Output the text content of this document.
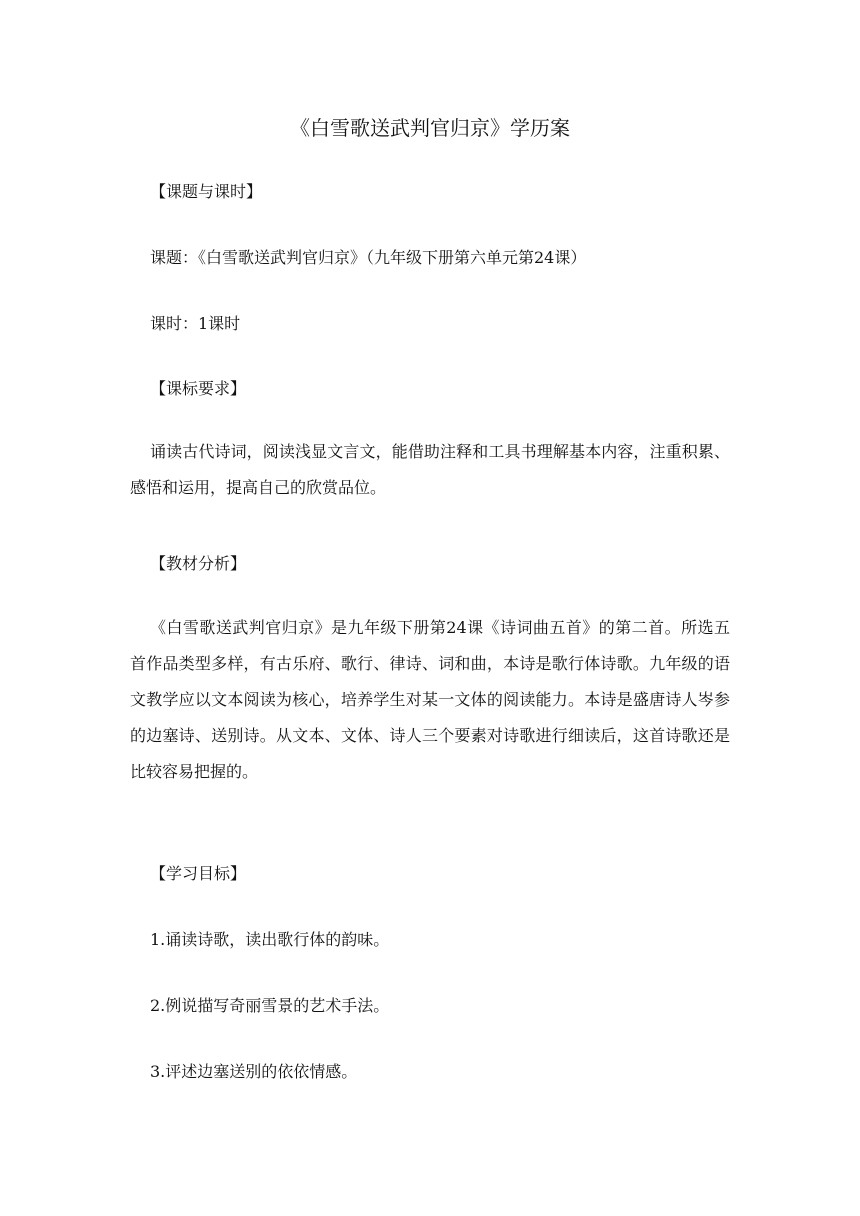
《白雪歌送武判官归京》学历案
【课题与课时】
课题：《白雪歌送武判官归京》（九年级下册第六单元第24课）
课时：1课时
【课标要求】
诵读古代诗词，阅读浅显文言文，能借助注释和工具书理解基本内容，注重积累、感悟和运用，提高自己的欣赏品位。
【教材分析】
《白雪歌送武判官归京》是九年级下册第24课《诗词曲五首》的第二首。所选五首作品类型多样，有古乐府、歌行、律诗、词和曲，本诗是歌行体诗歌。九年级的语文教学应以文本阅读为核心，培养学生对某一文体的阅读能力。本诗是盛唐诗人岑参的边塞诗、送别诗。从文本、文体、诗人三个要素对诗歌进行细读后，这首诗歌还是比较容易把握的。
【学习目标】
1.诵读诗歌，读出歌行体的韵味。
2.例说描写奇丽雪景的艺术手法。
3.评述边塞送别的依依情感。
